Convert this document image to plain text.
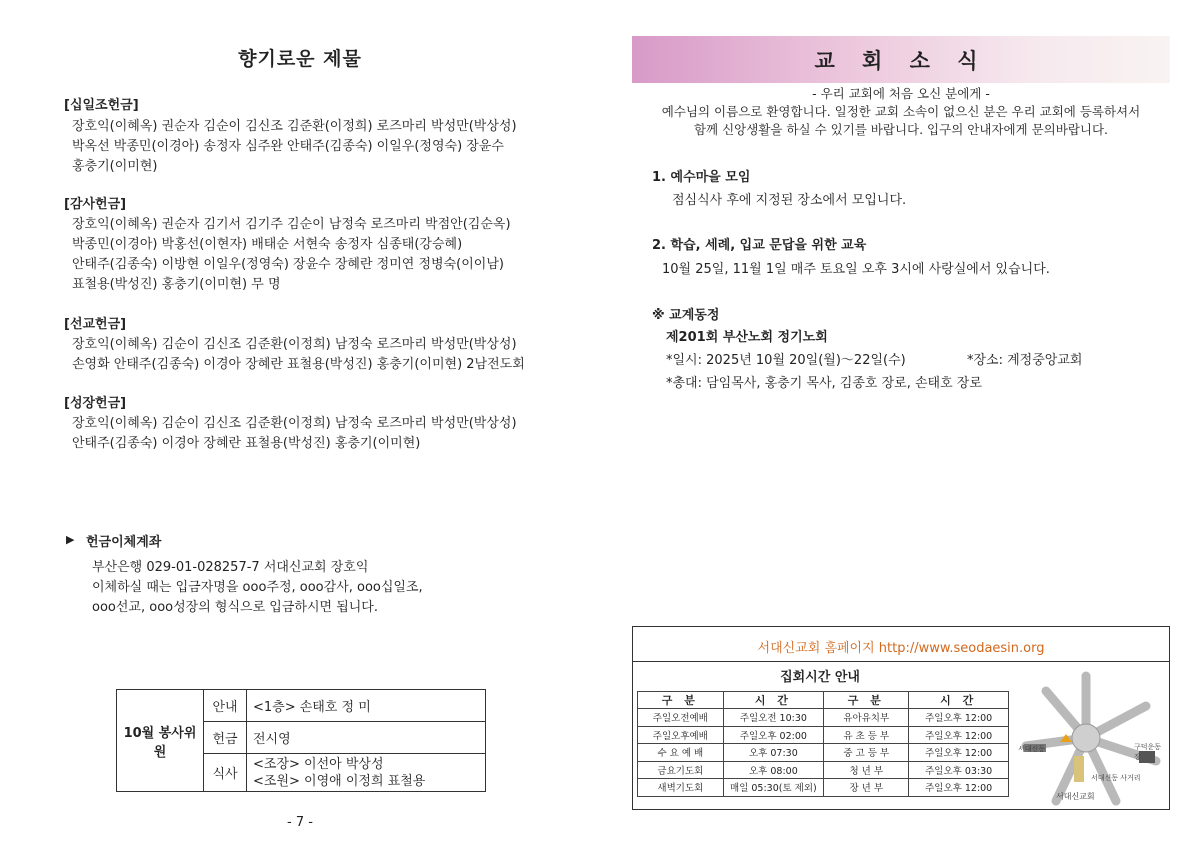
향기로운 제물
[십일조헌금]
장호익(이혜옥) 권순자 김순이 김신조 김준환(이정희) 로즈마리 박성만(박상성)
박옥선 박종민(이경아) 송정자 심주완 안태주(김종숙) 이일우(정영숙) 장윤수
홍충기(이미현)
[감사헌금]
장호익(이혜옥) 권순자 김기서 김기주 김순이 남정숙 로즈마리 박점안(김순옥)
박종민(이경아) 박홍선(이현자) 배태순 서현숙 송정자 심종태(강승혜)
안태주(김종숙) 이방현 이일우(정영숙) 장윤수 장혜란 정미연 정병숙(이이남)
표철용(박성진) 홍충기(이미현) 무 명
[선교헌금]
장호익(이혜옥) 김순이 김신조 김준환(이정희) 남정숙 로즈마리 박성만(박상성)
손영화 안태주(김종숙) 이경아 장혜란 표철용(박성진) 홍충기(이미현) 2남전도회
[성장헌금]
장호익(이혜옥) 김순이 김신조 김준환(이정희) 남정숙 로즈마리 박성만(박상성)
안태주(김종숙) 이경아 장혜란 표철용(박성진) 홍충기(이미현)
▶ 헌금이체계좌
부산은행 029-01-028257-7 서대신교회 장호익
이체하실 때는 입금자명을 ooo주정, ooo감사, ooo십일조,
ooo선교, ooo성장의 형식으로 입금하시면 됩니다.
10월 봉사위원	안내	<1층> 손태호 정 미
	헌금	전시영
	식사	<조장> 이선아 박상성
<조원> 이영애 이정희 표철용
- 7 -
교 회 소 식
- 우리 교회에 처음 오신 분에게 -
예수님의 이름으로 환영합니다. 일정한 교회 소속이 없으신 분은 우리 교회에 등록하셔서
함께 신앙생활을 하실 수 있기를 바랍니다. 입구의 안내자에게 문의바랍니다.
1. 예수마을 모임
점심식사 후에 지정된 장소에서 모입니다.
2. 학습, 세례, 입교 문답을 위한 교육
10월 25일, 11월 1일 매주 토요일 오후 3시에 사랑실에서 있습니다.
※ 교계동정
제201회 부산노회 정기노회
*일시: 2025년 10월 20일(월)～22일(수)	*장소: 계정중앙교회
*총대: 담임목사, 홍충기 목사, 김종호 장로, 손태호 장로
서대신교회 홈페이지 http://www.seodaesin.org
집회시간 안내
구 분	시 간	구 분	시 간
주일오전예배	주일오전 10:30	유아유치부	주일오후 12:00
주일오후예배	주일오후 02:00	유 초 등 부	주일오후 12:00
수 요 예 배	오후 07:30	중 고 등 부	주일오후 12:00
금요기도회	오후 08:00	청 년 부	주일오후 03:30
새벽기도회	매일 05:30(토 제외)	장 년 부	주일오후 12:00
서대신동	구덕운동장
서대신동 사거리
서대신교회
